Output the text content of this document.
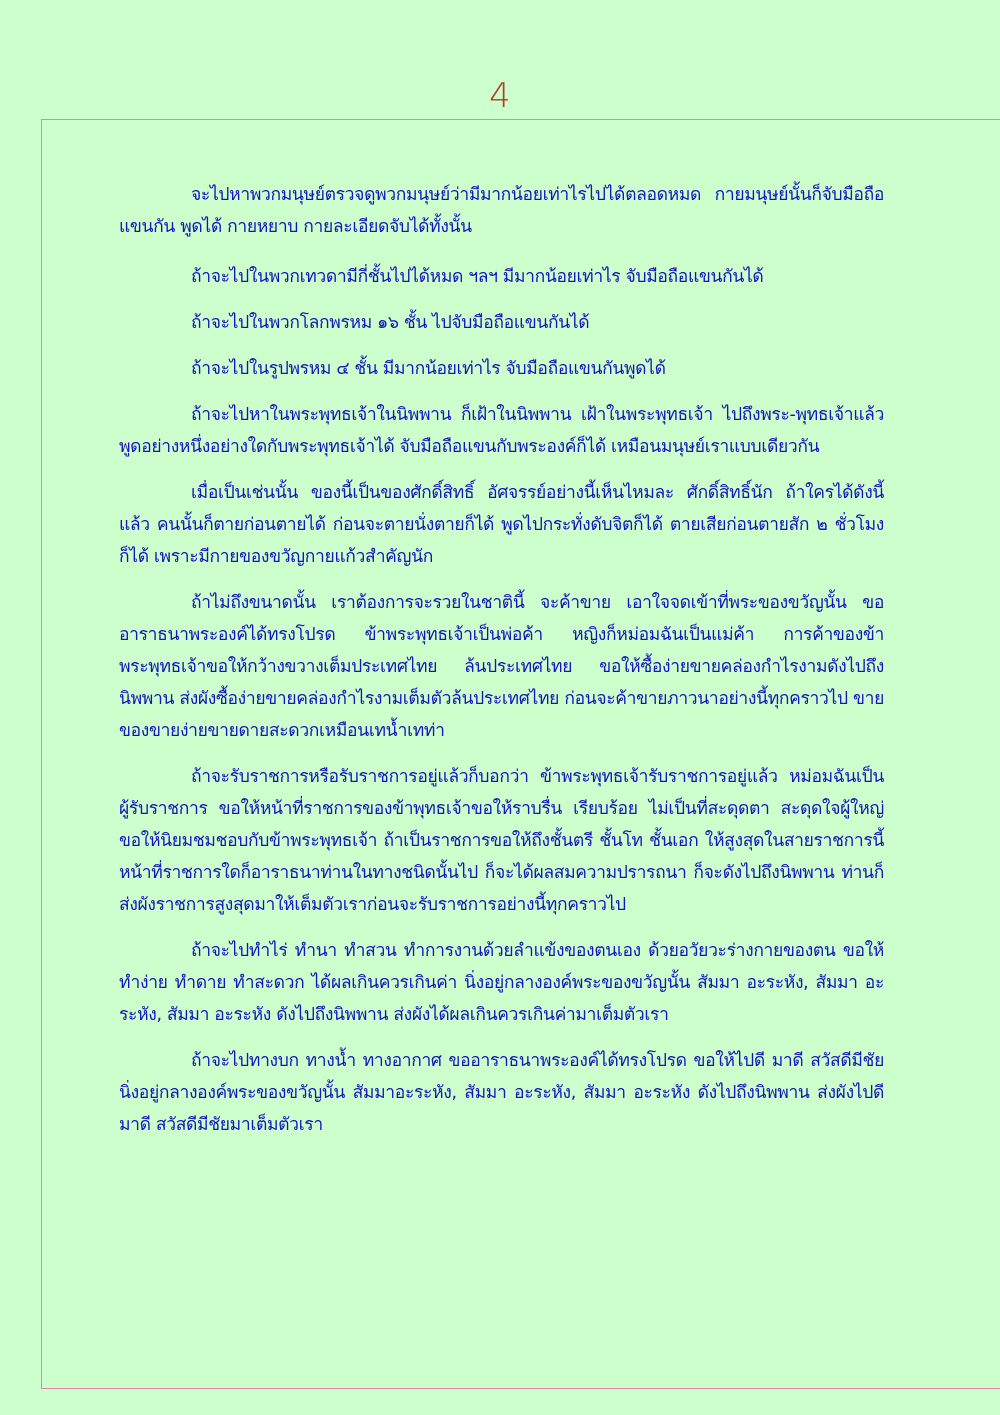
4

จะไปหาพวกมนุษย์ตรวจดูพวกมนุษย์ว่ามีมากน้อยเท่าไรไปได้ตลอดหมด กายมนุษย์นั้นก็จับมือถือแขนกัน พูดได้ กายหยาบ กายละเอียดจับได้ทั้งนั้น

ถ้าจะไปในพวกเทวดามีกี่ชั้นไปได้หมด ฯลฯ มีมากน้อยเท่าไร จับมือถือแขนกันได้

ถ้าจะไปในพวกโลกพรหม ๑๖ ชั้น ไปจับมือถือแขนกันได้

ถ้าจะไปในรูปพรหม ๔ ชั้น มีมากน้อยเท่าไร จับมือถือแขนกันพูดได้

ถ้าจะไปหาในพระพุทธเจ้าในนิพพาน ก็เฝ้าในนิพพาน เฝ้าในพระพุทธเจ้า ไปถึงพระ-พุทธเจ้าแล้ว พูดอย่างหนึ่งอย่างใดกับพระพุทธเจ้าได้ จับมือถือแขนกับพระองค์ก็ได้ เหมือนมนุษย์เราแบบเดียวกัน

เมื่อเป็นเช่นนั้น ของนี้เป็นของศักดิ์สิทธิ์ อัศจรรย์อย่างนี้เห็นไหมละ ศักดิ์สิทธิ์นัก ถ้าใครได้ดังนี้แล้ว คนนั้นก็ตายก่อนตายได้ ก่อนจะตายนั่งตายก็ได้ พูดไปกระทั่งดับจิตก็ได้ ตายเสียก่อนตายสัก ๒ ชั่วโมงก็ได้ เพราะมีกายของขวัญกายแก้วสำคัญนัก

ถ้าไม่ถึงขนาดนั้น เราต้องการจะรวยในชาตินี้ จะค้าขาย เอาใจจดเข้าที่พระของขวัญนั้น ขออาราธนาพระองค์ได้ทรงโปรด ข้าพระพุทธเจ้าเป็นพ่อค้า หญิงก็หม่อมฉันเป็นแม่ค้า การค้าของข้าพระพุทธเจ้าขอให้กว้างขวางเต็มประเทศไทย ล้นประเทศไทย ขอให้ซื้อง่ายขายคล่องกำไรงามดังไปถึงนิพพาน ส่งผังซื้อง่ายขายคล่องกำไรงามเต็มตัวล้นประเทศไทย ก่อนจะค้าขายภาวนาอย่างนี้ทุกคราวไป ขายของขายง่ายขายดายสะดวกเหมือนเทน้ำเทท่า

ถ้าจะรับราชการหรือรับราชการอยู่แล้วก็บอกว่า ข้าพระพุทธเจ้ารับราชการอยู่แล้ว หม่อมฉันเป็นผู้รับราชการ ขอให้หน้าที่ราชการของข้าพุทธเจ้าขอให้ราบรื่น เรียบร้อย ไม่เป็นที่สะดุดตา สะดุดใจผู้ใหญ่ ขอให้นิยมชมชอบกับข้าพระพุทธเจ้า ถ้าเป็นราชการขอให้ถึงชั้นตรี ชั้นโท ชั้นเอก ให้สูงสุดในสายราชการนี้ หน้าที่ราชการใดก็อาราธนาท่านในทางชนิดนั้นไป ก็จะได้ผลสมความปรารถนา ก็จะดังไปถึงนิพพาน ท่านก็ส่งผังราชการสูงสุดมาให้เต็มตัวเราก่อนจะรับราชการอย่างนี้ทุกคราวไป

ถ้าจะไปทำไร่ ทำนา ทำสวน ทำการงานด้วยลำแข้งของตนเอง ด้วยอวัยวะร่างกายของตน ขอให้ทำง่าย ทำดาย ทำสะดวก ได้ผลเกินควรเกินค่า นิ่งอยู่กลางองค์พระของขวัญนั้น สัมมา อะระหัง, สัมมา อะระหัง, สัมมา อะระหัง ดังไปถึงนิพพาน ส่งผังได้ผลเกินควรเกินค่ามาเต็มตัวเรา

ถ้าจะไปทางบก ทางน้ำ ทางอากาศ ขออาราธนาพระองค์ได้ทรงโปรด ขอให้ไปดี มาดี สวัสดีมีชัย นิ่งอยู่กลางองค์พระของขวัญนั้น สัมมาอะระหัง, สัมมา อะระหัง, สัมมา อะระหัง ดังไปถึงนิพพาน ส่งผังไปดีมาดี สวัสดีมีชัยมาเต็มตัวเรา
